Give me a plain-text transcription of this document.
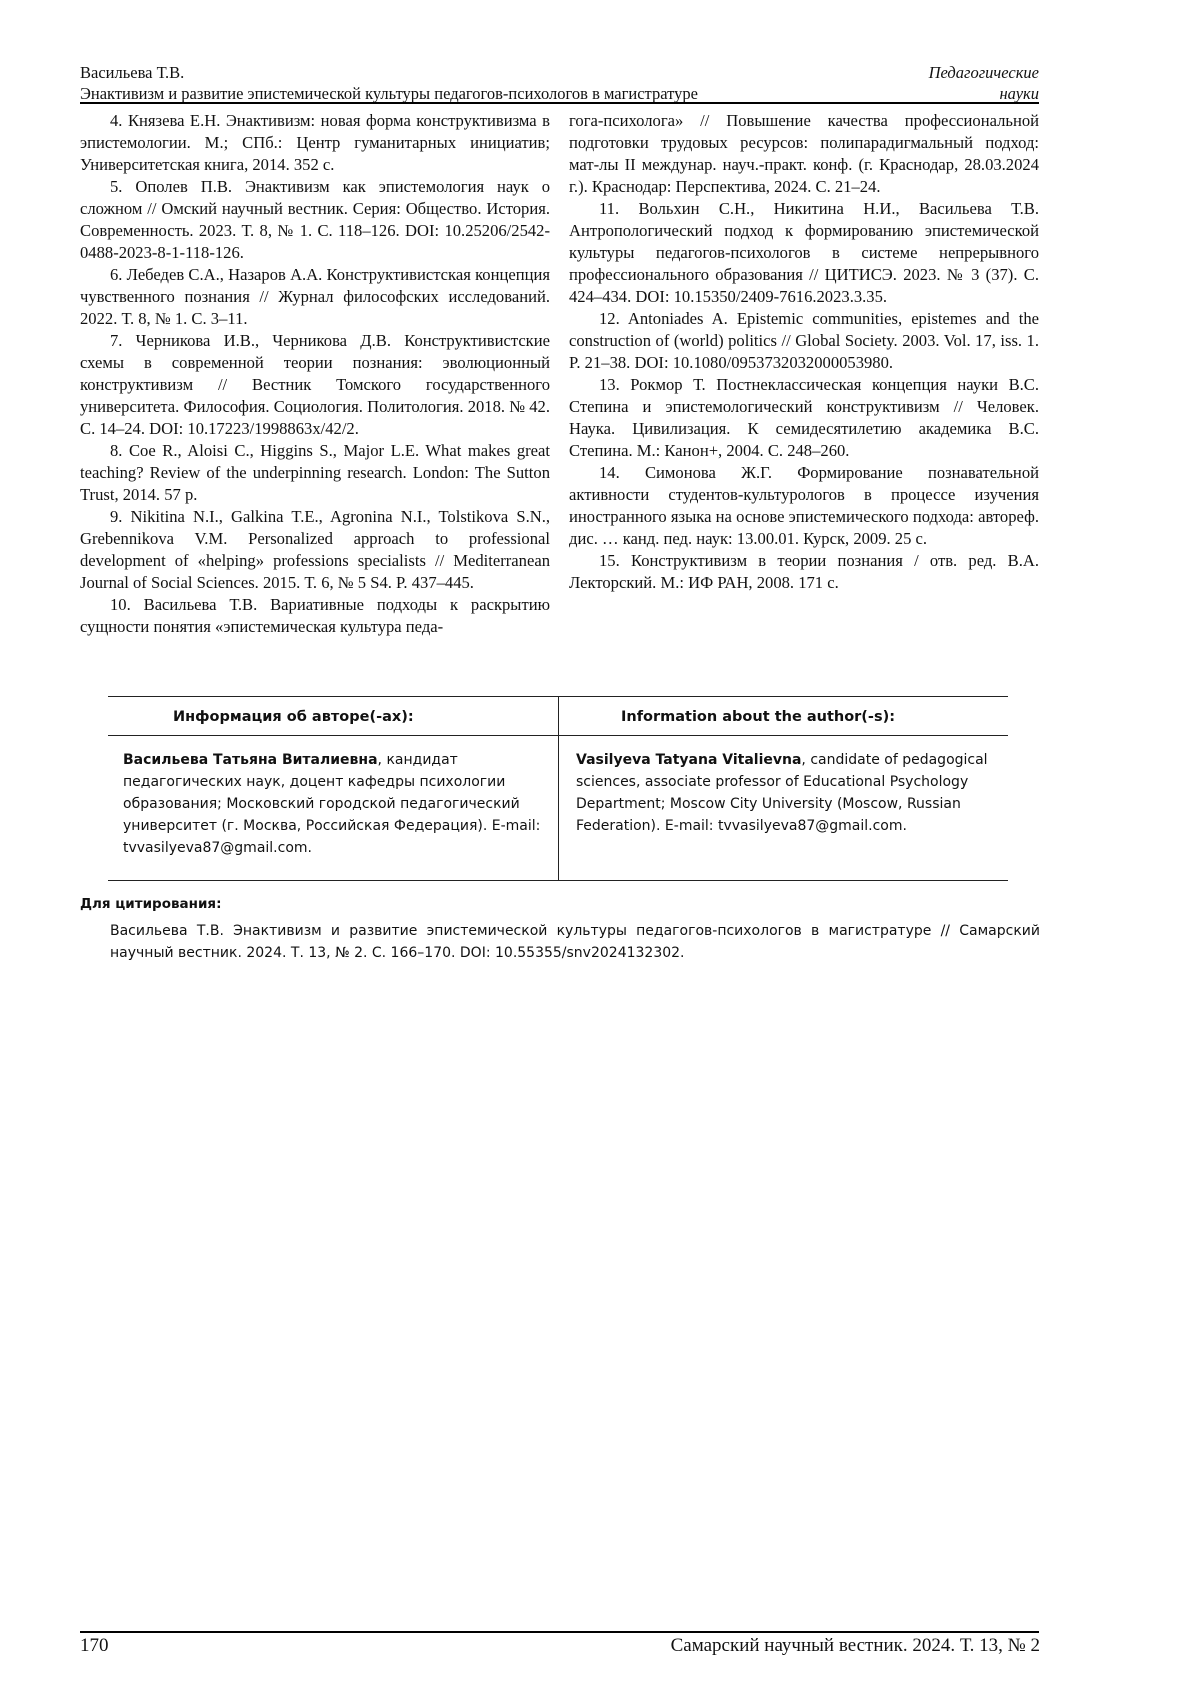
Васильева Т.В.
Энактивизм и развитие эпистемической культуры педагогов-психологов в магистратуре
Педагогические
науки

4. Князева Е.Н. Энактивизм: новая форма конструктивизма в эпистемологии. М.; СПб.: Центр гуманитарных инициатив; Университетская книга, 2014. 352 с.

5. Ополев П.В. Энактивизм как эпистемология наук о сложном // Омский научный вестник. Серия: Общество. История. Современность. 2023. Т. 8, № 1. С. 118–126. DOI: 10.25206/2542-0488-2023-8-1-118-126.

6. Лебедев С.А., Назаров А.А. Конструктивистская концепция чувственного познания // Журнал философских исследований. 2022. Т. 8, № 1. С. 3–11.

7. Черникова И.В., Черникова Д.В. Конструктивистские схемы в современной теории познания: эволюционный конструктивизм // Вестник Томского государственного университета. Философия. Социология. Политология. 2018. № 42. С. 14–24. DOI: 10.17223/1998863х/42/2.

8. Coe R., Aloisi C., Higgins S., Major L.E. What makes great teaching? Review of the underpinning research. London: The Sutton Trust, 2014. 57 p.

9. Nikitina N.I., Galkina T.E., Agronina N.I., Tolstikova S.N., Grebennikova V.M. Personalized approach to professional development of «helping» professions specialists // Mediterranean Journal of Social Sciences. 2015. Т. 6, № 5 S4. P. 437–445.

10. Васильева Т.В. Вариативные подходы к раскрытию сущности понятия «эпистемическая культура педа-

гога-психолога» // Повышение качества профессиональной подготовки трудовых ресурсов: полипарадигмальный подход: мат-лы II междунар. науч.-практ. конф. (г. Краснодар, 28.03.2024 г.). Краснодар: Перспектива, 2024. С. 21–24.

11. Вольхин С.Н., Никитина Н.И., Васильева Т.В. Антропологический подход к формированию эпистемической культуры педагогов-психологов в системе непрерывного профессионального образования // ЦИТИСЭ. 2023. № 3 (37). С. 424–434. DOI: 10.15350/2409-7616.2023.3.35.

12. Antoniades A. Epistemic communities, epistemes and the construction of (world) politics // Global Society. 2003. Vol. 17, iss. 1. P. 21–38. DOI: 10.1080/0953732032000053980.

13. Рокмор Т. Постнеклассическая концепция науки В.С. Степина и эпистемологический конструктивизм // Человек. Наука. Цивилизация. К семидесятилетию академика В.С. Степина. М.: Канон+, 2004. С. 248–260.

14. Симонова Ж.Г. Формирование познавательной активности студентов-культурологов в процессе изучения иностранного языка на основе эпистемического подхода: автореф. дис. … канд. пед. наук: 13.00.01. Курск, 2009. 25 с.

15. Конструктивизм в теории познания / отв. ред. В.А. Лекторский. М.: ИФ РАН, 2008. 171 с.

Информация об авторе(-ах):	Information about the author(-s):
Васильева Татьяна Виталиевна, кандидат педагогических наук, доцент кафедры психологии образования; Московский городской педагогический университет (г. Москва, Российская Федерация). E-mail: tvvasilyeva87@gmail.com.
Vasilyeva Tatyana Vitalievna, candidate of pedagogical sciences, associate professor of Educational Psychology Department; Moscow City University (Moscow, Russian Federation). E-mail: tvvasilyeva87@gmail.com.
Для цитирования:
Васильева Т.В. Энактивизм и развитие эпистемической культуры педагогов-психологов в магистратуре // Самарский научный вестник. 2024. Т. 13, № 2. С. 166–170. DOI: 10.55355/snv2024132302.
170	Самарский научный вестник. 2024. Т. 13, № 2
